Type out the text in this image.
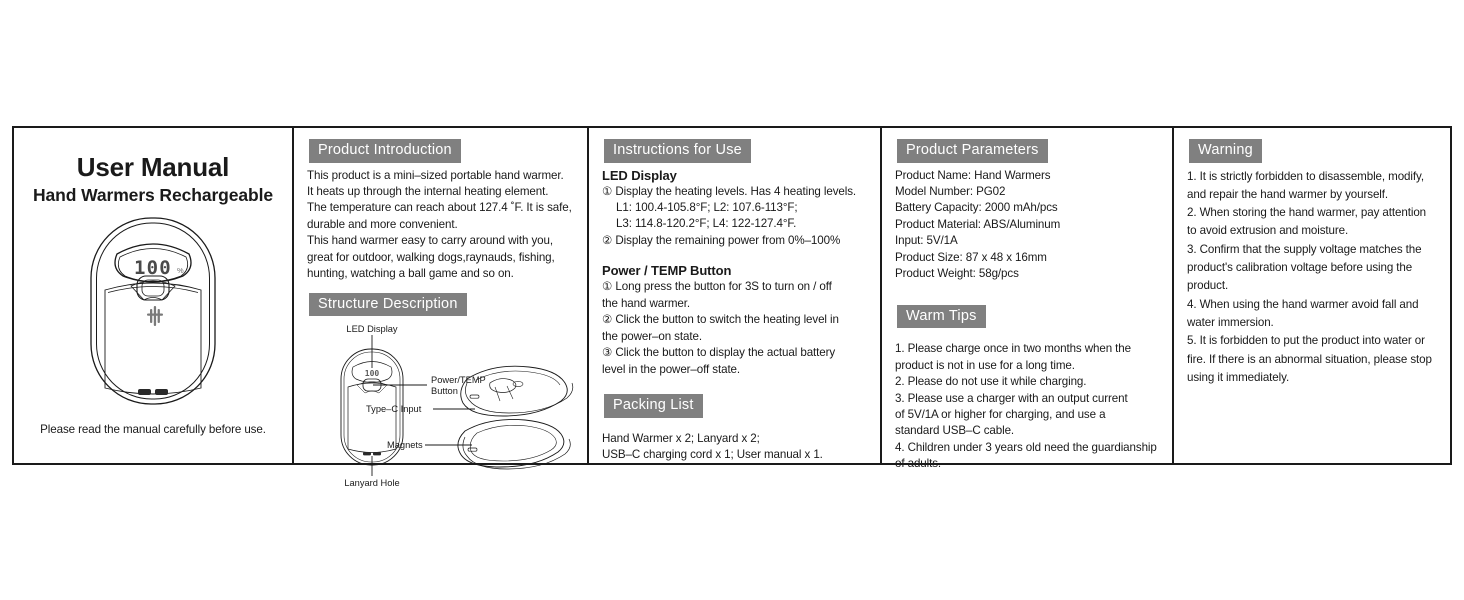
User Manual
Hand Warmers Rechargeable
100 %
Please read the manual carefully before use.
Product Introduction
This product is a mini–sized portable hand warmer.
It heats up through the internal heating element.
The temperature can reach about 127.4 ˚F. It is safe,
durable and more convenient.
This hand warmer easy to carry around with you,
great for outdoor, walking dogs,raynauds, fishing,
hunting, watching a ball game and so on.
Structure Description
100
LED Display
Power/TEMP
Button
Type–C Input
Magnets
Lanyard Hole
Instructions for Use
LED Display
① Display the heating levels. Has 4 heating levels.
L1: 100.4-105.8°F; L2: 107.6-113°F;
L3: 114.8-120.2°F; L4: 122-127.4°F.
② Display the remaining power from 0%–100%
Power / TEMP Button
① Long press the button for 3S to turn on / off
the hand warmer.
② Click the button to switch the heating level in
the power–on state.
③ Click the button to display the actual battery
level in the power–off state.
Packing List
Hand Warmer x 2; Lanyard x 2;
USB–C charging cord x 1; User manual x 1.
Product Parameters
Product Name: Hand Warmers
Model Number: PG02
Battery Capacity: 2000 mAh/pcs
Product Material: ABS/Aluminum
Input: 5V/1A
Product Size: 87 x 48 x 16mm
Product Weight: 58g/pcs
Warm Tips
1. Please charge once in two months when the
product is not in use for a long time.
2. Please do not use it while charging.
3. Please use a charger with an output current
of 5V/1A or higher for charging, and use a
standard USB–C cable.
4. Children under 3 years old need the guardianship
of adults.
Warning
1. It is strictly forbidden to disassemble, modify,
and repair the hand warmer by yourself.
2. When storing the hand warmer, pay attention
to avoid extrusion and moisture.
3. Confirm that the supply voltage matches the
product's calibration voltage before using the
product.
4. When using the hand warmer avoid fall and
water immersion.
5. It is forbidden to put the product into water or
fire. If there is an abnormal situation, please stop
using it immediately.
